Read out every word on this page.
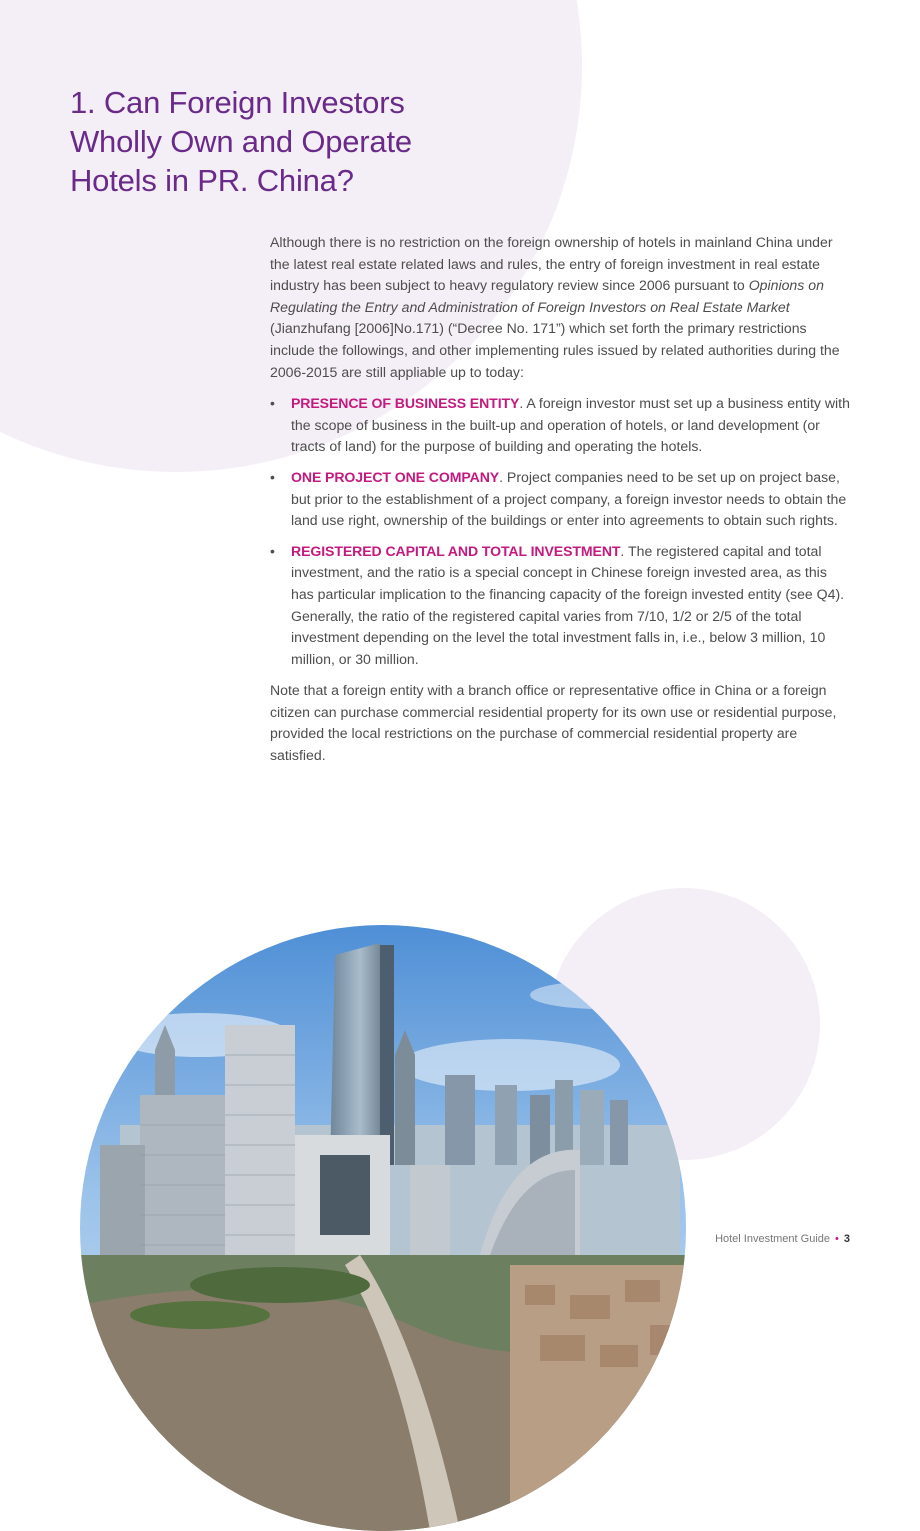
1. Can Foreign Investors
Wholly Own and Operate
Hotels in PR. China?

Although there is no restriction on the foreign ownership of hotels in mainland China under the latest real estate related laws and rules, the entry of foreign investment in real estate industry has been subject to heavy regulatory review since 2006 pursuant to Opinions on Regulating the Entry and Administration of Foreign Investors on Real Estate Market (Jianzhufang [2006]No.171) (“Decree No. 171”) which set forth the primary restrictions include the followings, and other implementing rules issued by related authorities during the 2006-2015 are still appliable up to today:

• PRESENCE OF BUSINESS ENTITY. A foreign investor must set up a business entity with the scope of business in the built-up and operation of hotels, or land development (or tracts of land) for the purpose of building and operating the hotels.
• ONE PROJECT ONE COMPANY. Project companies need to be set up on project base, but prior to the establishment of a project company, a foreign investor needs to obtain the land use right, ownership of the buildings or enter into agreements to obtain such rights.
• REGISTERED CAPITAL AND TOTAL INVESTMENT. The registered capital and total investment, and the ratio is a special concept in Chinese foreign invested area, as this has particular implication to the financing capacity of the foreign invested entity (see Q4). Generally, the ratio of the registered capital varies from 7/10, 1/2 or 2/5 of the total investment depending on the level the total investment falls in, i.e., below 3 million, 10 million, or 30 million.

Note that a foreign entity with a branch office or representative office in China or a foreign citizen can purchase commercial residential property for its own use or residential purpose, provided the local restrictions on the purchase of commercial residential property are satisfied.

Hotel Investment Guide • 3
